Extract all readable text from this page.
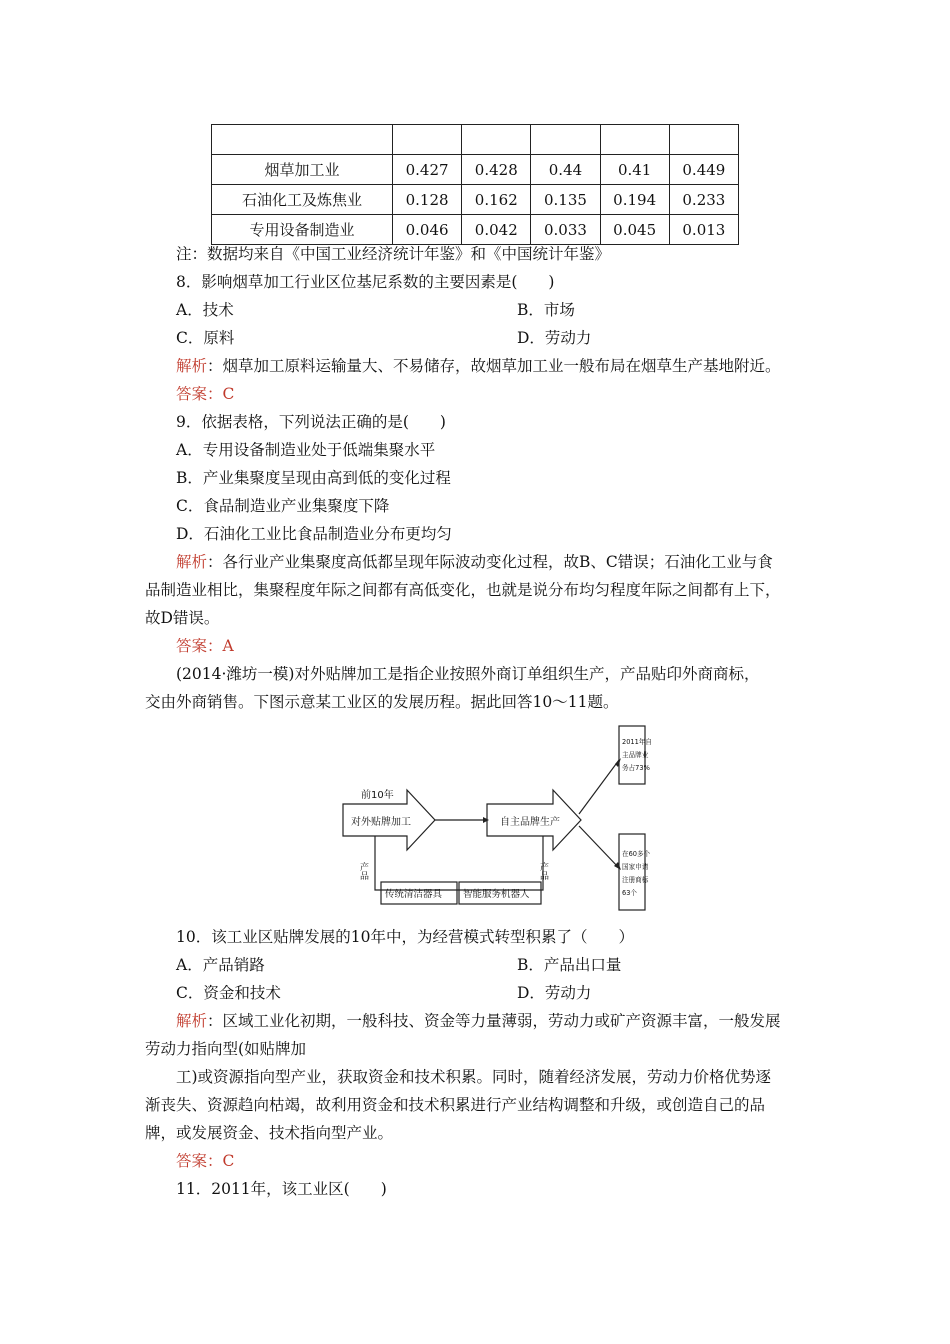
烟草加工业	0.427	0.428	0.44	0.41	0.449
石油化工及炼焦业	0.128	0.162	0.135	0.194	0.233
专用设备制造业	0.046	0.042	0.033	0.045	0.013
注：数据均来自《中国工业经济统计年鉴》和《中国统计年鉴》
8．影响烟草加工行业区位基尼系数的主要因素是(　　)
A．技术	B．市场
C．原料	D．劳动力
解析：烟草加工原料运输量大、不易储存，故烟草加工业一般布局在烟草生产基地附近。
答案：C
9．依据表格，下列说法正确的是(　　)
A．专用设备制造业处于低端集聚水平
B．产业集聚度呈现由高到低的变化过程
C．食品制造业产业集聚度下降
D．石油化工业比食品制造业分布更均匀
解析：各行业产业集聚度高低都呈现年际波动变化过程，故B、C错误；石油化工业与食
品制造业相比，集聚程度年际之间都有高低变化，也就是说分布均匀程度年际之间都有上下，
故D错误。
答案：A
(2014·潍坊一模)对外贴牌加工是指企业按照外商订单组织生产，产品贴印外商商标，
交由外商销售。下图示意某工业区的发展历程。据此回答10～11题。
前10年
对外贴牌加工	自主品牌生产
产品	产品
传统清洁器具 智能服务机器人
2011年自
主品牌业
务占73%
在60多个
国家申请
注册商标
63个
10．该工业区贴牌发展的10年中，为经营模式转型积累了（　　）
A．产品销路	B．产品出口量
C．资金和技术	D．劳动力
解析：区域工业化初期，一般科技、资金等力量薄弱，劳动力或矿产资源丰富，一般发展
劳动力指向型(如贴牌加
工)或资源指向型产业，获取资金和技术积累。同时，随着经济发展，劳动力价格优势逐
渐丧失、资源趋向枯竭，故利用资金和技术积累进行产业结构调整和升级，或创造自己的品
牌，或发展资金、技术指向型产业。
答案：C
11．2011年，该工业区(　　)
